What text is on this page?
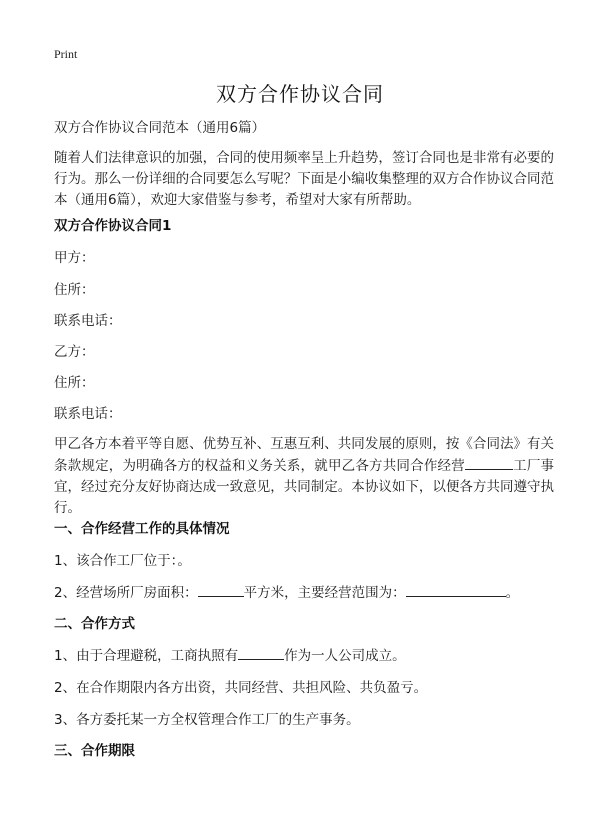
Print
双方合作协议合同
双方合作协议合同范本（通用6篇）
随着人们法律意识的加强，合同的使用频率呈上升趋势，签订合同也是非常有必要的行为。那么一份详细的合同要怎么写呢？下面是小编收集整理的双方合作协议合同范本（通用6篇），欢迎大家借鉴与参考，希望对大家有所帮助。
双方合作协议合同1
甲方：
住所：
联系电话：
乙方：
住所：
联系电话：
甲乙各方本着平等自愿、优势互补、互惠互利、共同发展的原则，按《合同法》有关条款规定，为明确各方的权益和义务关系，就甲乙各方共同合作经营	工厂事宜，经过充分友好协商达成一致意见，共同制定。本协议如下，以便各方共同遵守执行。
一、合作经营工作的具体情况
1、该合作工厂位于：。
2、经营场所厂房面积：	平方米，主要经营范围为：	。
二、合作方式
1、由于合理避税，工商执照有	作为一人公司成立。
2、在合作期限内各方出资，共同经营、共担风险、共负盈亏。
3、各方委托某一方全权管理合作工厂的生产事务。
三、合作期限
